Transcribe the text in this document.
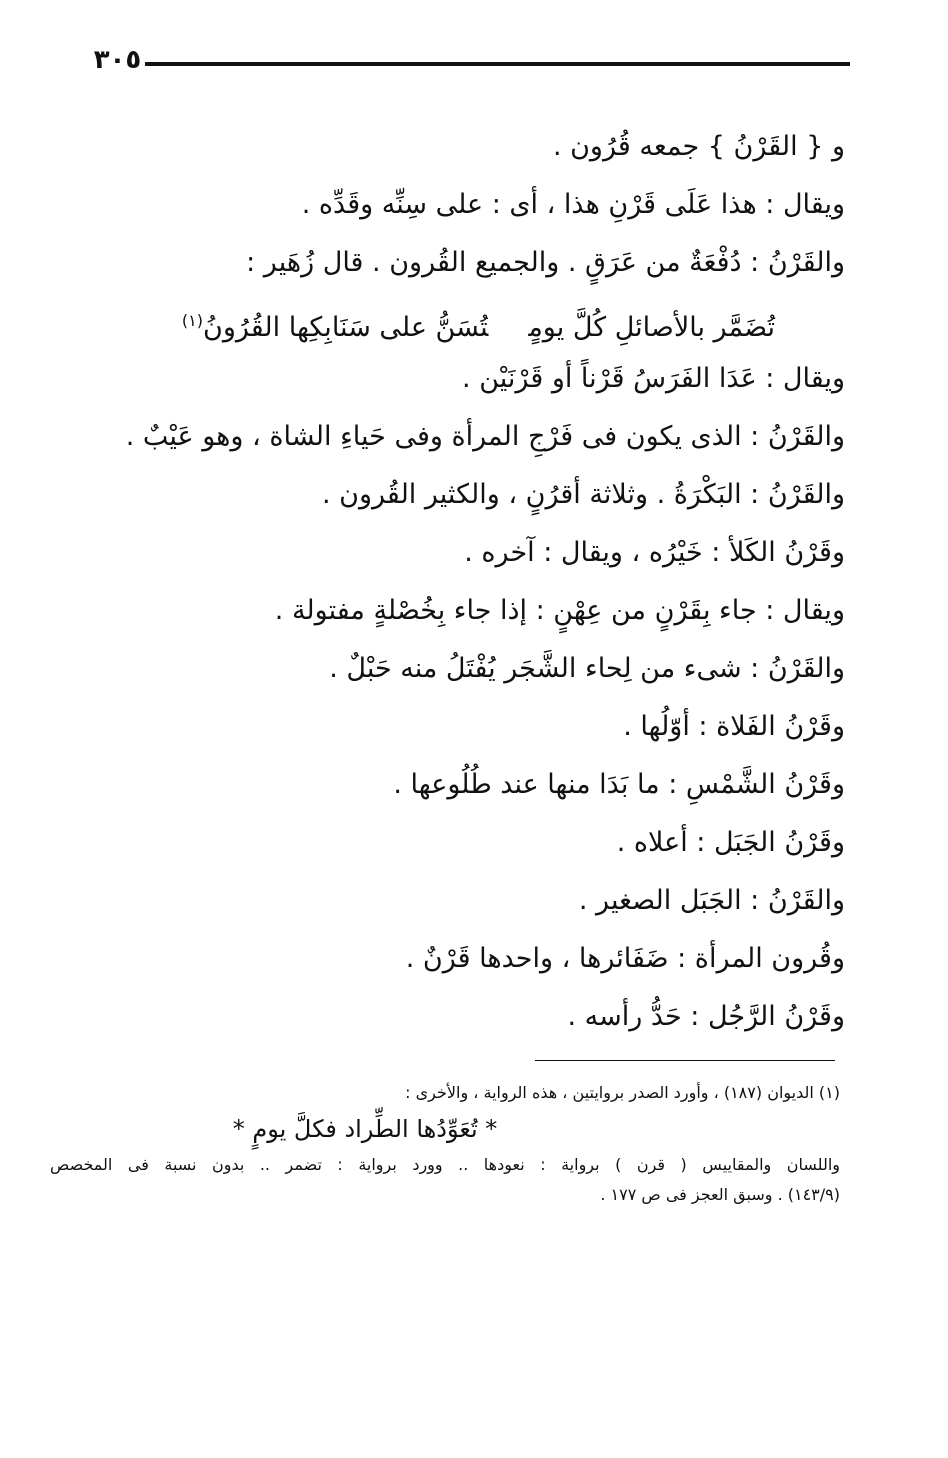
٣٠٥
و { القَرْنُ } جمعه قُرُون .
ويقال : هذا عَلَى قَرْنِ هذا ، أى : على سِنِّه وقَدِّه .
والقَرْنُ : دُفْعَةٌ من عَرَقٍ . والجميع القُرون . قال زُهَير :
تُضَمَّر بالأصائلِ كُلَّ يومٍتُسَنُّ على سَنَابِكِها القُرُونُ$^{(١)}$
ويقال : عَدَا الفَرَسُ قَرْناً أو قَرْنَيْن .
والقَرْنُ : الذى يكون فى فَرْجِ المرأة وفى حَياءِ الشاة ، وهو عَيْبٌ .
والقَرْنُ : البَكْرَةُ . وثلاثة أقرُنٍ ، والكثير القُرون .
وقَرْنُ الكَلأ : خَيْرُه ، ويقال : آخره .
ويقال : جاء بِقَرْنٍ من عِهْنٍ : إذا جاء بِخُصْلةٍ مفتولة .
والقَرْنُ : شىء من لِحاء الشَّجَر يُفْتَلُ منه حَبْلٌ .
وقَرْنُ الفَلاة : أوّلُها .
وقَرْنُ الشَّمْسِ : ما بَدَا منها عند طُلُوعها .
وقَرْنُ الجَبَل : أعلاه .
والقَرْنُ : الجَبَل الصغير .
وقُرون المرأة : ضَفَائرها ، واحدها قَرْنٌ .
وقَرْنُ الرَّجُل : حَدُّ رأسه .
(١) الديوان (١٨٧) ، وأورد الصدر بروايتين ، هذه الرواية ، والأخرى :
* تُعَوِّدُها الطِّراد فكلَّ يومٍ *
واللسان والمقاييس ( قرن ) برواية : نعودها .. وورد برواية : تضمر .. بدون نسبة فى المخصص
(١٤٣/٩) . وسبق العجز فى ص ١٧٧ .
